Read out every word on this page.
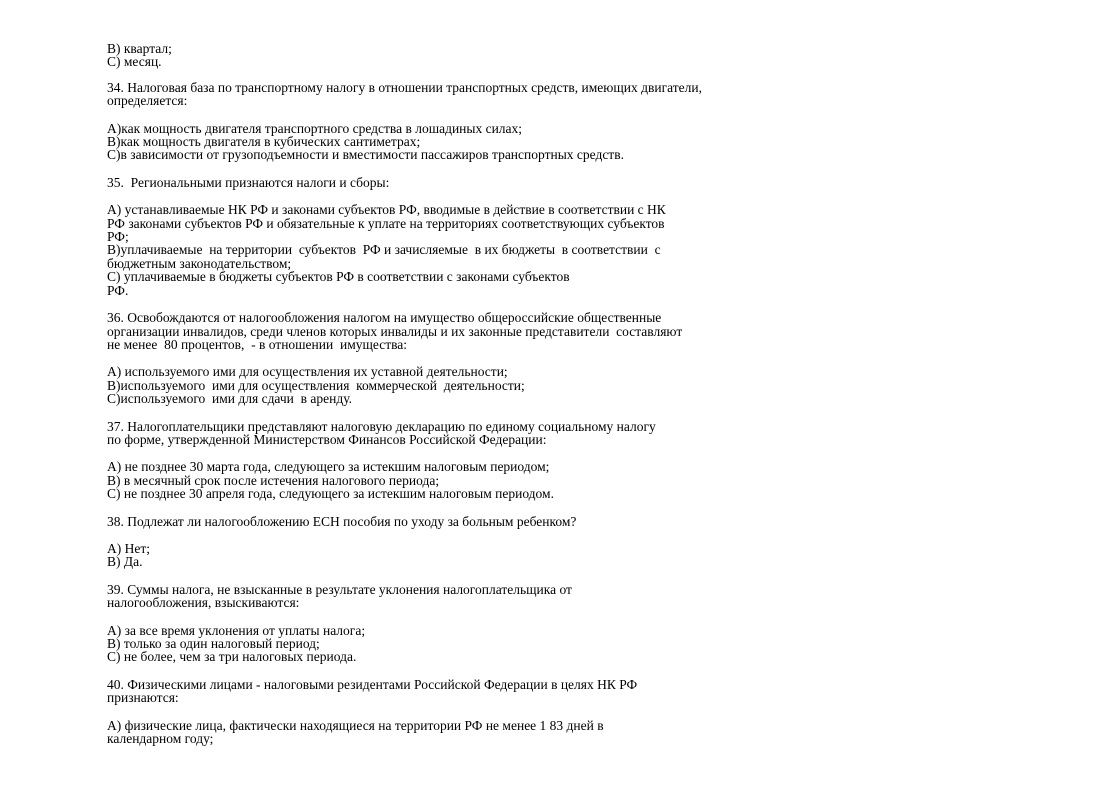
В) квартал;
С) месяц.
34. Налоговая база по транспортному налогу в отношении транспортных средств, имеющих двигатели,
определяется:
А)как мощность двигателя транспортного средства в лошадиных силах;
В)как мощность двигателя в кубических сантиметрах;
С)в зависимости от грузоподъемности и вместимости пассажиров транспортных средств.
35.  Региональными признаются налоги и сборы:
А) устанавливаемые НК РФ и законами субъектов РФ, вводимые в действие в соответствии с НК
РФ законами субъектов РФ и обязательные к уплате на территориях соответствующих субъектов
РФ;
В)уплачиваемые  на территории  субъектов  РФ и зачисляемые  в их бюджеты  в соответствии  с
бюджетным законодательством;
С) уплачиваемые в бюджеты субъектов РФ в соответствии с законами субъектов
РФ.
36. Освобождаются от налогообложения налогом на имущество общероссийские общественные
организации инвалидов, среди членов которых инвалиды и их законные представители  составляют
не менее  80 процентов,  - в отношении  имущества:
А) используемого ими для осуществления их уставной деятельности;
В)используемого  ими для осуществления  коммерческой  деятельности;
С)используемого  ими для сдачи  в аренду.
37. Налогоплательщики представляют налоговую декларацию по единому социальному налогу
по форме, утвержденной Министерством Финансов Российской Федерации:
А) не позднее 30 марта года, следующего за истекшим налоговым периодом;
В) в месячный срок после истечения налогового периода;
С) не позднее 30 апреля года, следующего за истекшим налоговым периодом.
38. Подлежат ли налогообложению ЕСН пособия по уходу за больным ребенком?
А) Нет;
В) Да.
39. Суммы налога, не взысканные в результате уклонения налогоплательщика от
налогообложения, взыскиваются:
А) за все время уклонения от уплаты налога;
В) только за один налоговый период;
С) не более, чем за три налоговых периода.
40. Физическими лицами - налоговыми резидентами Российской Федерации в целях НК РФ
признаются:
А) физические лица, фактически находящиеся на территории РФ не менее 1 83 дней в
календарном году;
